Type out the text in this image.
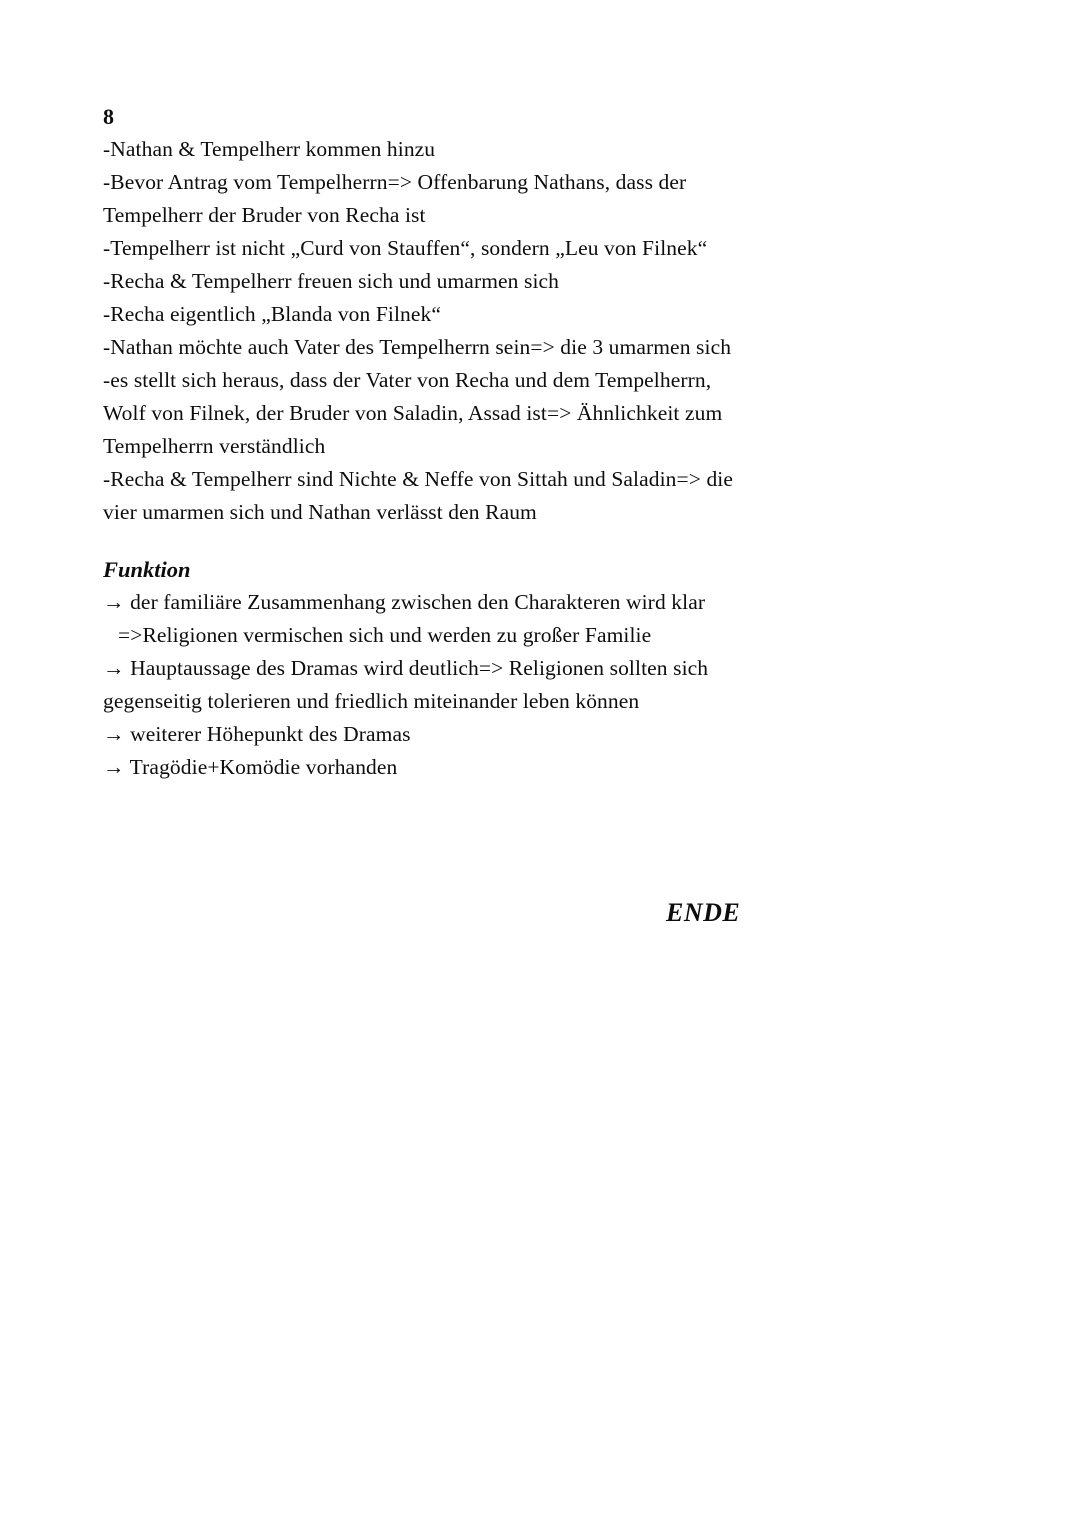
8
-Nathan & Tempelherr kommen hinzu
-Bevor Antrag vom Tempelherrn=> Offenbarung Nathans, dass der
Tempelherr der Bruder von Recha ist
-Tempelherr ist nicht „Curd von Stauffen“, sondern „Leu von Filnek“
-Recha & Tempelherr freuen sich und umarmen sich
-Recha eigentlich „Blanda von Filnek“
-Nathan möchte auch Vater des Tempelherrn sein=> die 3 umarmen sich
-es stellt sich heraus, dass der Vater von Recha und dem Tempelherrn,
Wolf von Filnek, der Bruder von Saladin, Assad ist=> Ähnlichkeit zum
Tempelherrn verständlich
-Recha & Tempelherr sind Nichte & Neffe von Sittah und Saladin=> die
vier umarmen sich und Nathan verlässt den Raum
Funktion
→ der familiäre Zusammenhang zwischen den Charakteren wird klar
=>Religionen vermischen sich und werden zu großer Familie
→ Hauptaussage des Dramas wird deutlich=> Religionen sollten sich
gegenseitig tolerieren und friedlich miteinander leben können
→ weiterer Höhepunkt des Dramas
→ Tragödie+Komödie vorhanden
ENDE
